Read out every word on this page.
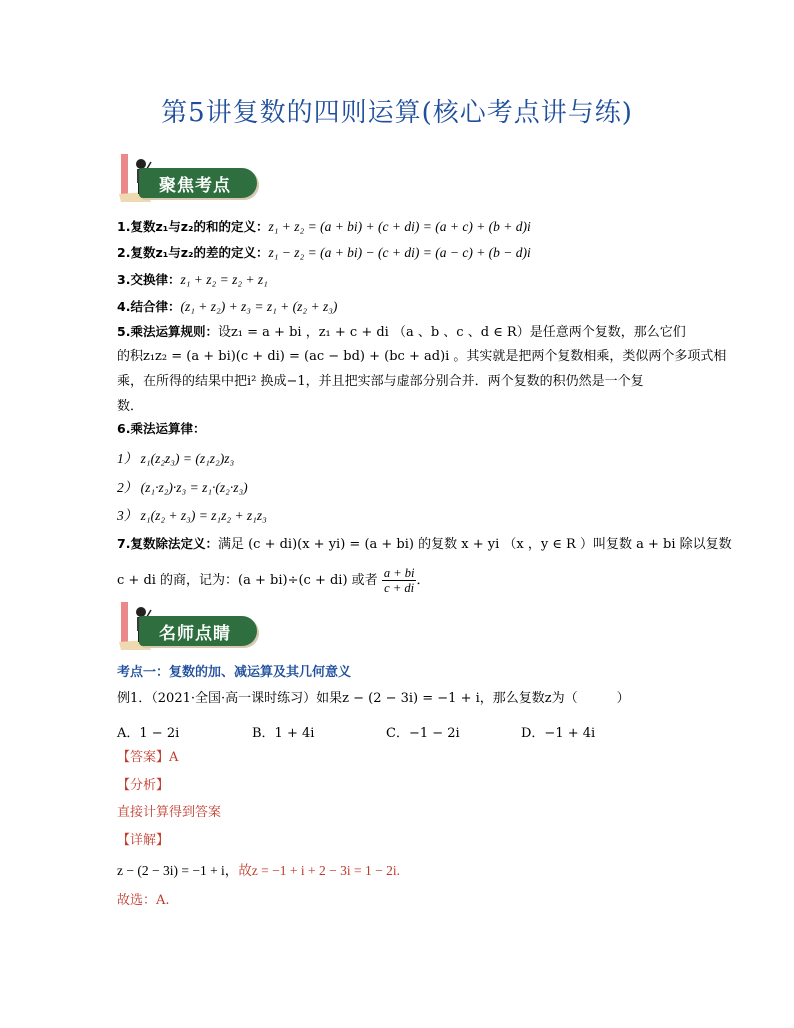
第5讲复数的四则运算(核心考点讲与练)
聚焦考点
1.复数z₁与z₂的和的定义：z₁ + z₂ = (a + bi) + (c + di) = (a + c) + (b + d)i
2.复数z₁与z₂的差的定义：z₁ − z₂ = (a + bi) − (c + di) = (a − c) + (b − d)i
3.交换律：z₁ + z₂ = z₂ + z₁
4.结合律：(z₁ + z₂) + z₃ = z₁ + (z₂ + z₃)
5.乘法运算规则：设z₁ = a + bi ，z₁ + c + di （a 、b 、c 、d ∈ R）是任意两个复数，那么它们
的积z₁z₂ = (a + bi)(c + di) = (ac − bd) + (bc + ad)i 。其实就是把两个复数相乘，类似两个多项式相
乘，在所得的结果中把i² 换成−1，并且把实部与虚部分别合并．两个复数的积仍然是一个复
数．
6.乘法运算律：
1） z₁(z₂z₃) = (z₁z₂)z₃
2） (z₁·z₂)·z₃ = z₁·(z₂·z₃)
3） z₁(z₂ + z₃) = z₁z₂ + z₁z₃
7.复数除法定义：满足 (c + di)(x + yi) = (a + bi) 的复数 x + yi （x ，y ∈ R ）叫复数 a + bi 除以复数
c + di 的商，记为：(a + bi)÷(c + di) 或者 $\frac{a + bi}{c + di}$ ．
名师点睛
考点一：复数的加、减运算及其几何意义
例1．（2021·全国·高一课时练习）如果z − (2 − 3i) = −1 + i，那么复数z为（　　　）
A．1 − 2i	B．1 + 4i	C．−1 − 2i	D．−1 + 4i
【答案】A
【分析】
直接计算得到答案
【详解】
z − (2 − 3i) = −1 + i，故z = −1 + i + 2 − 3i = 1 − 2i.
故选：A.
